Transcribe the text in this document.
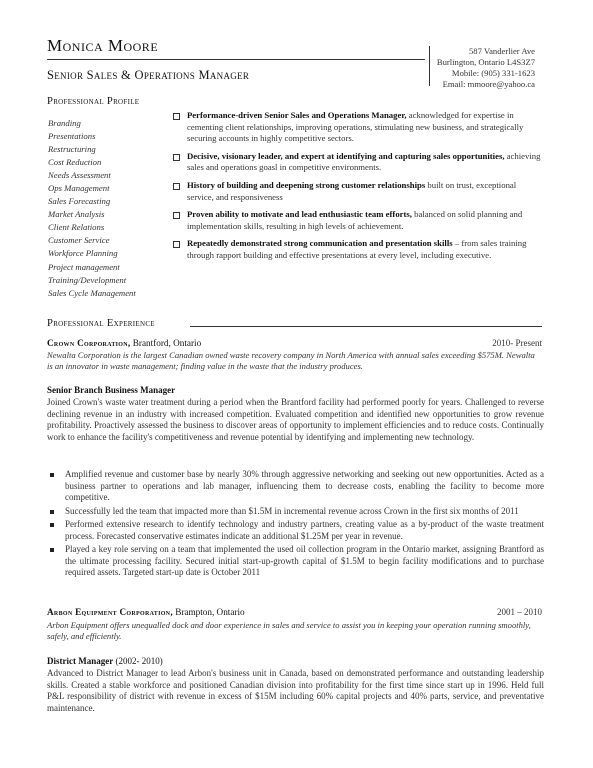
Monica Moore
Senior Sales & Operations Manager
587 Vanderlier Ave
Burlington, Ontario L4S3Z7
Mobile: (905) 331-1623
Email: mmoore@yahoo.ca
Professional Profile
Branding
Presentations
Restructuring
Cost Reduction
Needs Assessment
Ops Management
Sales Forecasting
Market Analysis
Client Relations
Customer Service
Workforce Planning
Project management
Training/Development
Sales Cycle Management
Performance-driven Senior Sales and Operations Manager, acknowledged for expertise in cementing client relationships, improving operations, stimulating new business, and strategically securing accounts in highly competitive sectors.
Decisive, visionary leader, and expert at identifying and capturing sales opportunities, achieving sales and operations goasl in competitive environments.
History of building and deepening strong customer relationships built on trust, exceptional service, and responsiveness
Proven ability to motivate and lead enthusiastic team efforts, balanced on solid planning and implementation skills, resulting in high levels of achievement.
Repeatedly demonstrated strong communication and presentation skills – from sales training through rapport building and effective presentations at every level, including executive.
Professional Experience
Crown Corporation, Brantford, Ontario	2010- Present
Newalta Corporation is the largest Canadian owned waste recovery company in North America with annual sales exceeding $575M. Newalta is an innovator in waste management; finding value in the waste that the industry produces.
Senior Branch Business Manager
Joined Crown's waste water treatment during a period when the Brantford facility had performed poorly for years. Challenged to reverse declining revenue in an industry with increased competition. Evaluated competition and identified new opportunities to grow revenue profitability. Proactively assessed the business to discover areas of opportunity to implement efficiencies and to reduce costs. Continually work to enhance the facility's competitiveness and revenue potential by identifying and implementing new technology.
Amplified revenue and customer base by nearly 30% through aggressive networking and seeking out new opportunities. Acted as a business partner to operations and lab manager, influencing them to decrease costs, enabling the facility to become more competitive.
Successfully led the team that impacted more than $1.5M in incremental revenue across Crown in the first six months of 2011
Performed extensive research to identify technology and industry partners, creating value as a by-product of the waste treatment process. Forecasted conservative estimates indicate an additional $1.25M per year in revenue.
Played a key role serving on a team that implemented the used oil collection program in the Ontario market, assigning Brantford as the ultimate processing facility. Secured initial start-up-growth capital of $1.5M to begin facility modifications and to purchase required assets. Targeted start-up date is October 2011
Arbon Equipment Corporation, Brampton, Ontario	2001 – 2010
Arbon Equipment offers unequalled dock and door experience in sales and service to assist you in keeping your operation running smoothly, safely, and efficiently.
District Manager (2002- 2010)
Advanced to District Manager to lead Arbon's business unit in Canada, based on demonstrated performance and outstanding leadership skills. Created a stable workforce and positioned Canadian division into profitability for the first time since start up in 1996. Held full P&L responsibility of district with revenue in excess of $15M including 60% capital projects and 40% parts, service, and preventative maintenance.
